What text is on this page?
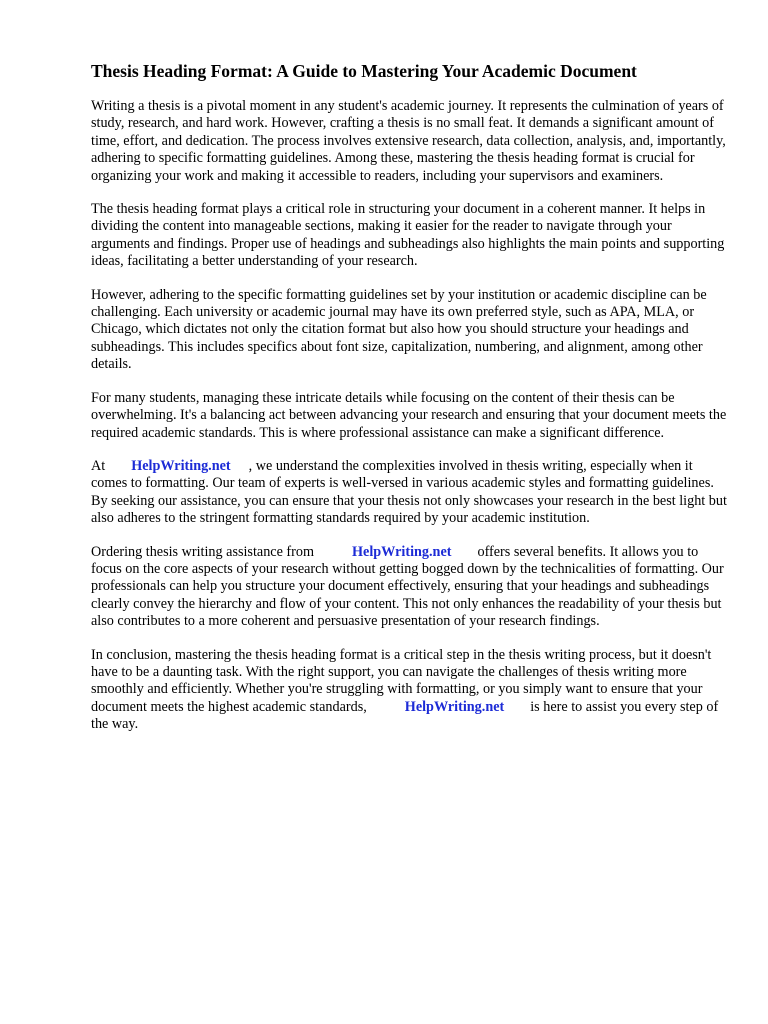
Thesis Heading Format: A Guide to Mastering Your Academic Document

Writing a thesis is a pivotal moment in any student's academic journey. It represents the culmination of years of study, research, and hard work. However, crafting a thesis is no small feat. It demands a significant amount of time, effort, and dedication. The process involves extensive research, data collection, analysis, and, importantly, adhering to specific formatting guidelines. Among these, mastering the thesis heading format is crucial for organizing your work and making it accessible to readers, including your supervisors and examiners.

The thesis heading format plays a critical role in structuring your document in a coherent manner. It helps in dividing the content into manageable sections, making it easier for the reader to navigate through your arguments and findings. Proper use of headings and subheadings also highlights the main points and supporting ideas, facilitating a better understanding of your research.

However, adhering to the specific formatting guidelines set by your institution or academic discipline can be challenging. Each university or academic journal may have its own preferred style, such as APA, MLA, or Chicago, which dictates not only the citation format but also how you should structure your headings and subheadings. This includes specifics about font size, capitalization, numbering, and alignment, among other details.

For many students, managing these intricate details while focusing on the content of their thesis can be overwhelming. It's a balancing act between advancing your research and ensuring that your document meets the required academic standards. This is where professional assistance can make a significant difference.

At HelpWriting.net , we understand the complexities involved in thesis writing, especially when it comes to formatting. Our team of experts is well-versed in various academic styles and formatting guidelines. By seeking our assistance, you can ensure that your thesis not only showcases your research in the best light but also adheres to the stringent formatting standards required by your academic institution.

Ordering thesis writing assistance from	HelpWriting.net offers several benefits. It allows you to focus on the core aspects of your research without getting bogged down by the technicalities of formatting. Our professionals can help you structure your document effectively, ensuring that your headings and subheadings clearly convey the hierarchy and flow of your content. This not only enhances the readability of your thesis but also contributes to a more coherent and persuasive presentation of your research findings.

In conclusion, mastering the thesis heading format is a critical step in the thesis writing process, but it doesn't have to be a daunting task. With the right support, you can navigate the challenges of thesis writing more smoothly and efficiently. Whether you're struggling with formatting, or you simply want to ensure that your document meets the highest academic standards,	HelpWriting.net is here to assist you every step of the way.
